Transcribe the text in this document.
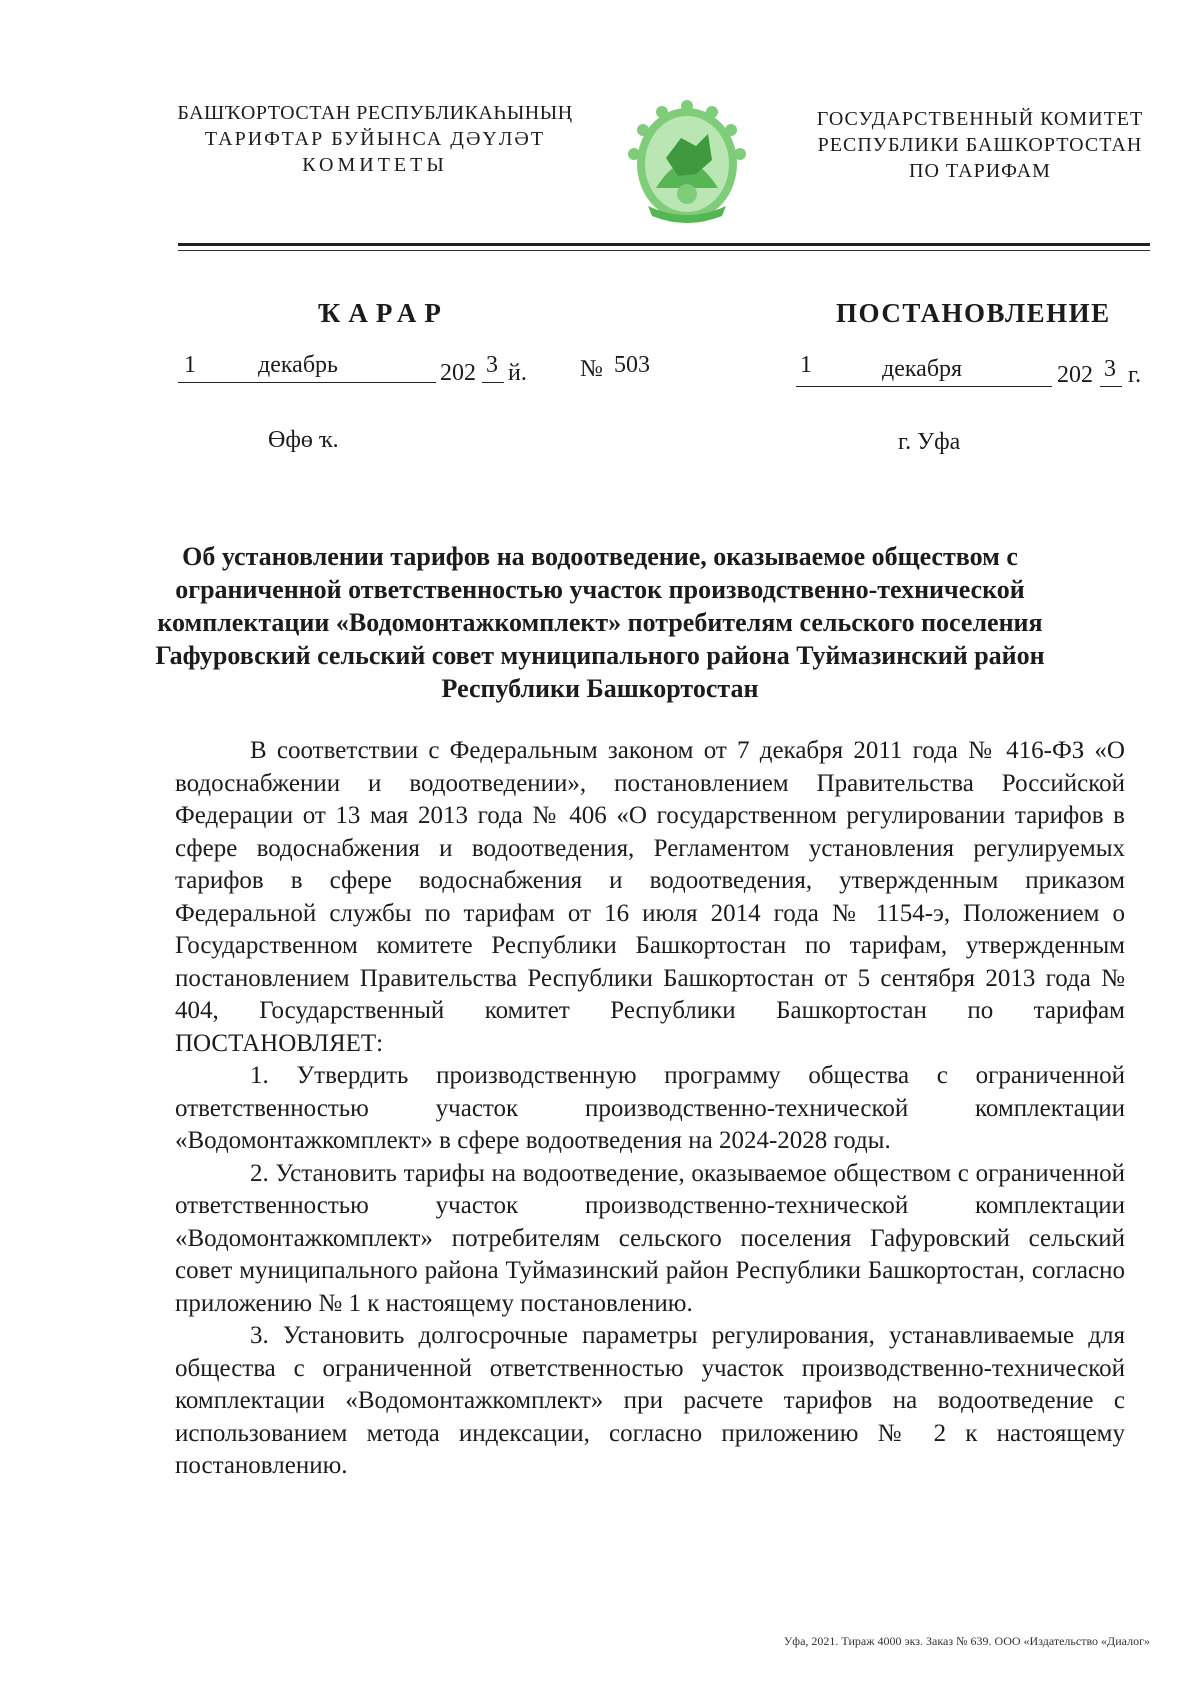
БАШҠОРТОСТАН РЕСПУБЛИКАҺЫНЫҢ
ТАРИФТАР БУЙЫНСА ДӘҮЛӘТ
КОМИТЕТЫ
ГОСУДАРСТВЕННЫЙ КОМИТЕТ
РЕСПУБЛИКИ БАШКОРТОСТАН
ПО ТАРИФАМ
ҠАРАР	ПОСТАНОВЛЕНИЕ
1	декабрь	202 3 й. № 503	1	декабря	202 3 г.
Өфө ҡ.	г. Уфа
Об установлении тарифов на водоотведение, оказываемое обществом с ограниченной ответственностью участок производственно-технической комплектации «Водомонтажкомплект» потребителям сельского поселения Гафуровский сельский совет муниципального района Туймазинский район Республики Башкортостан

В соответствии с Федеральным законом от 7 декабря 2011 года № 416-ФЗ «О водоснабжении и водоотведении», постановлением Правительства Российской Федерации от 13 мая 2013 года № 406 «О государственном регулировании тарифов в сфере водоснабжения и водоотведения, Регламентом установления регулируемых тарифов в сфере водоснабжения и водоотведения, утвержденным приказом Федеральной службы по тарифам от 16 июля 2014 года № 1154-э, Положением о Государственном комитете Республики Башкортостан по тарифам, утвержденным постановлением Правительства Республики Башкортостан от 5 сентября 2013 года № 404, Государственный комитет Республики Башкортостан по тарифам ПОСТАНОВЛЯЕТ:

1. Утвердить производственную программу общества с ограниченной ответственностью участок производственно-технической комплектации «Водомонтажкомплект» в сфере водоотведения на 2024-2028 годы.

2. Установить тарифы на водоотведение, оказываемое обществом с ограниченной ответственностью участок производственно-технической комплектации «Водомонтажкомплект» потребителям сельского поселения Гафуровский сельский совет муниципального района Туймазинский район Республики Башкортостан, согласно приложению № 1 к настоящему постановлению.

3. Установить долгосрочные параметры регулирования, устанавливаемые для общества с ограниченной ответственностью участок производственно-технической комплектации «Водомонтажкомплект» при расчете тарифов на водоотведение с использованием метода индексации, согласно приложению № 2 к настоящему постановлению.

Уфа, 2021. Тираж 4000 экз. Заказ № 639. ООО «Издательство «Диалог»
